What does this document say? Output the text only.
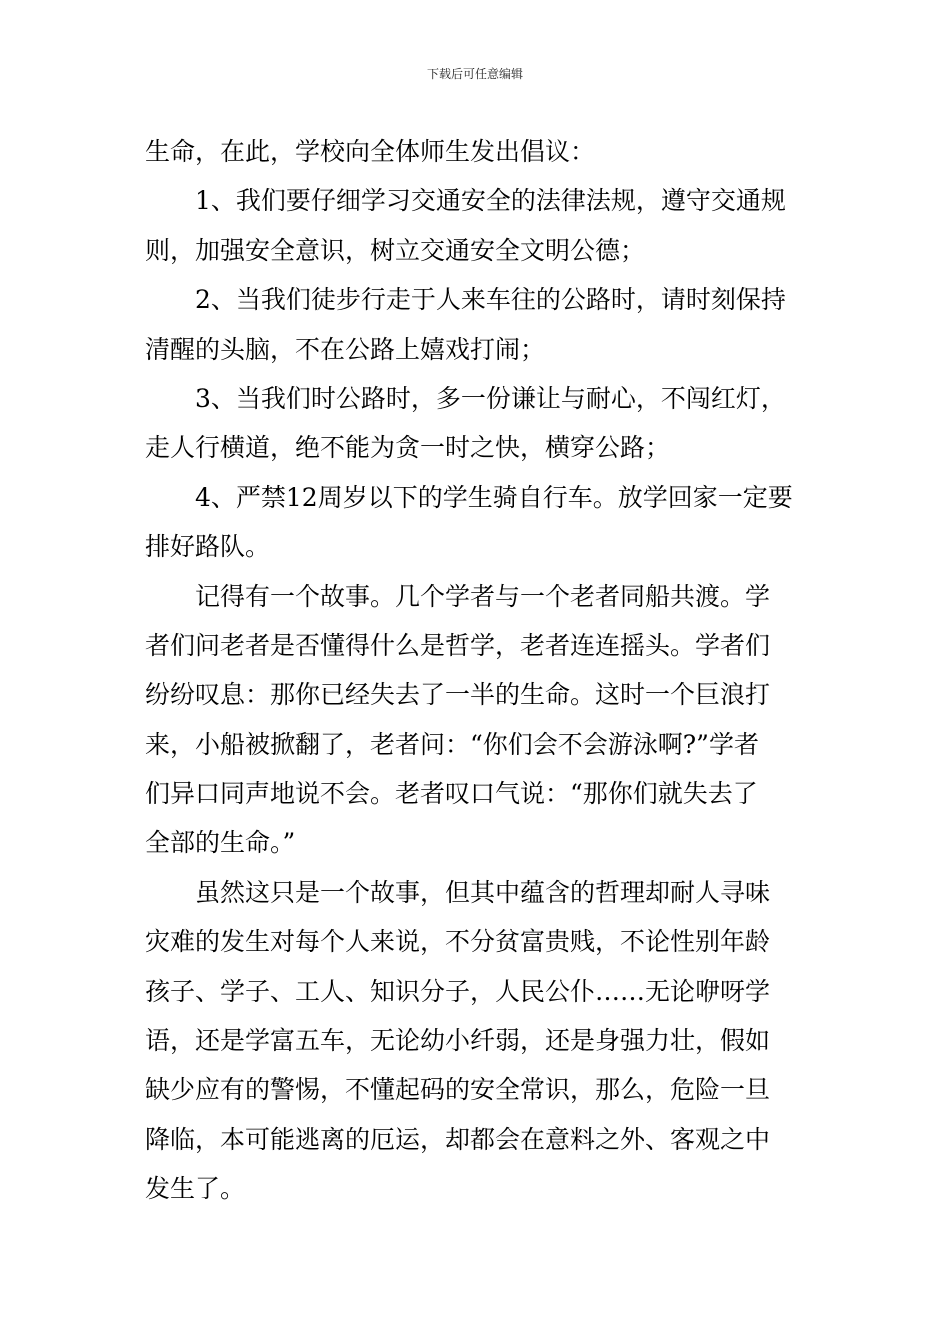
下载后可任意编辑
生命，在此，学校向全体师生发出倡议：
1、我们要仔细学习交通安全的法律法规，遵守交通规
则，加强安全意识，树立交通安全文明公德；
2、当我们徒步行走于人来车往的公路时，请时刻保持
清醒的头脑，不在公路上嬉戏打闹；
3、当我们时公路时，多一份谦让与耐心，不闯红灯，
走人行横道，绝不能为贪一时之快，横穿公路；
4、严禁12周岁以下的学生骑自行车。放学回家一定要
排好路队。
记得有一个故事。几个学者与一个老者同船共渡。学
者们问老者是否懂得什么是哲学，老者连连摇头。学者们
纷纷叹息：那你已经失去了一半的生命。这时一个巨浪打
来，小船被掀翻了，老者问：“你们会不会游泳啊?”学者
们异口同声地说不会。老者叹口气说：“那你们就失去了
全部的生命。”
虽然这只是一个故事，但其中蕴含的哲理却耐人寻味
灾难的发生对每个人来说，不分贫富贵贱，不论性别年龄
孩子、学子、工人、知识分子，人民公仆……无论咿呀学
语，还是学富五车，无论幼小纤弱，还是身强力壮，假如
缺少应有的警惕，不懂起码的安全常识，那么，危险一旦
降临，本可能逃离的厄运，却都会在意料之外、客观之中
发生了。
